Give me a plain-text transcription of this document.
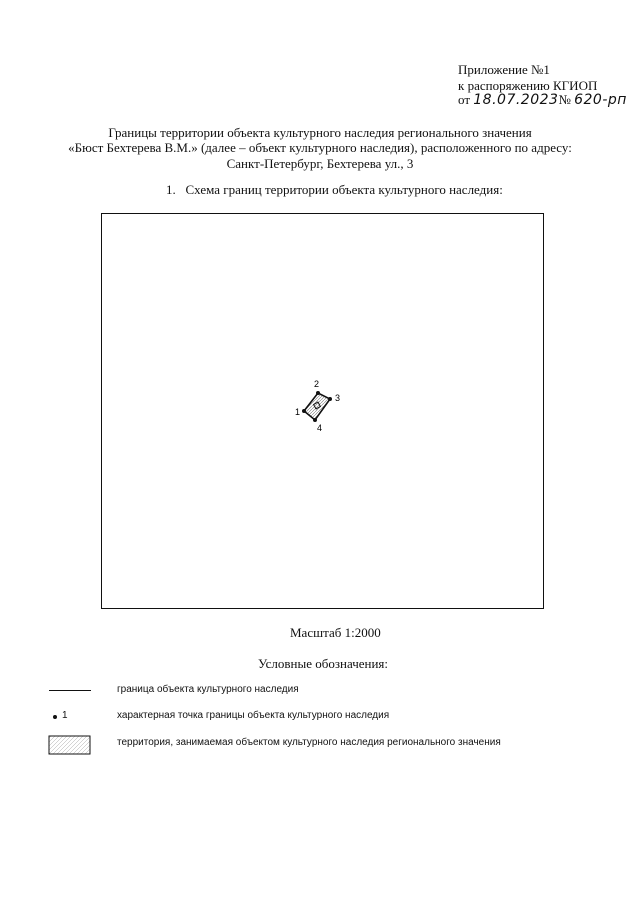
Приложение №1
к распоряжению КГИОП
от 18.07.2023№ 620-рп
Границы территории объекта культурного наследия регионального значения
«Бюст Бехтерева В.М.» (далее – объект культурного наследия), расположенного по адресу:
Санкт-Петербург, Бехтерева ул., 3
1. Схема границ территории объекта культурного наследия:
1
2
3
4
Масштаб 1:2000
Условные обозначения:
граница объекта культурного наследия
1	характерная точка границы объекта культурного наследия
территория, занимаемая объектом культурного наследия регионального значения
